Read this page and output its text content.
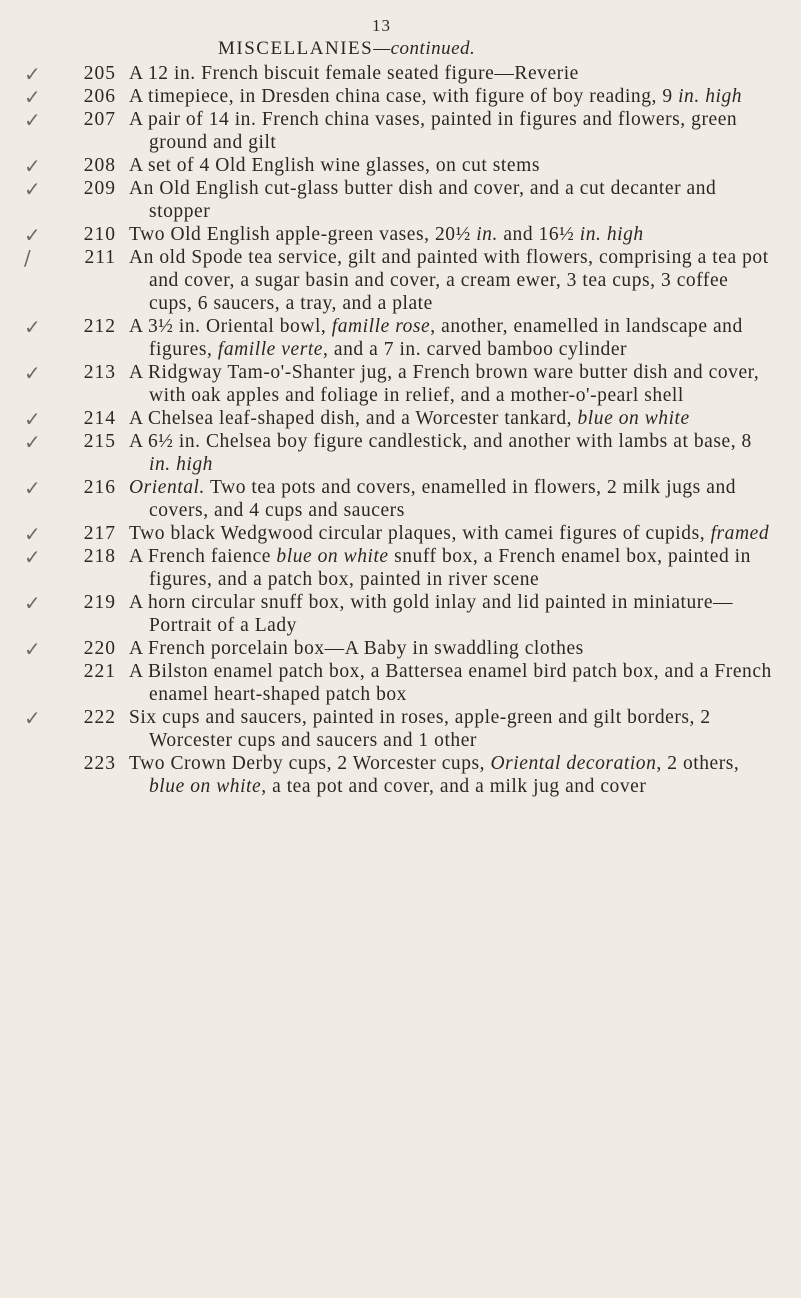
13
MISCELLANIES—continued.
✓	205 A 12 in. French biscuit female seated figure—Reverie
✓	206 A timepiece, in Dresden china case, with figure of boy reading, 9 in. high
✓	207 A pair of 14 in. French china vases, painted in figures and flowers, green ground and gilt
✓	208 A set of 4 Old English wine glasses, on cut stems
✓	209 An Old English cut-glass butter dish and cover, and a cut decanter and stopper
✓	210 Two Old English apple-green vases, 20½ in. and 16½ in. high
/	211 An old Spode tea service, gilt and painted with flowers, comprising a tea pot and cover, a sugar basin and cover, a cream ewer, 3 tea cups, 3 coffee cups, 6 saucers, a tray, and a plate
✓	212 A 3½ in. Oriental bowl, famille rose, another, enamelled in landscape and figures, famille verte, and a 7 in. carved bamboo cylinder
✓	213 A Ridgway Tam-o'-Shanter jug, a French brown ware butter dish and cover, with oak apples and foliage in relief, and a mother-o'-pearl shell
✓	214 A Chelsea leaf-shaped dish, and a Worcester tankard, blue on white
✓	215 A 6½ in. Chelsea boy figure candlestick, and another with lambs at base, 8 in. high
✓	216 Oriental. Two tea pots and covers, enamelled in flowers, 2 milk jugs and covers, and 4 cups and saucers
✓	217 Two black Wedgwood circular plaques, with camei figures of cupids, framed
✓	218 A French faience blue on white snuff box, a French enamel box, painted in figures, and a patch box, painted in river scene
✓	219 A horn circular snuff box, with gold inlay and lid painted in miniature—Portrait of a Lady
✓	220 A French porcelain box—A Baby in swaddling clothes
221 A Bilston enamel patch box, a Battersea enamel bird patch box, and a French enamel heart-shaped patch box
✓	222 Six cups and saucers, painted in roses, apple-green and gilt borders, 2 Worcester cups and saucers and 1 other
223 Two Crown Derby cups, 2 Worcester cups, Oriental decoration, 2 others, blue on white, a tea pot and cover, and a milk jug and cover
